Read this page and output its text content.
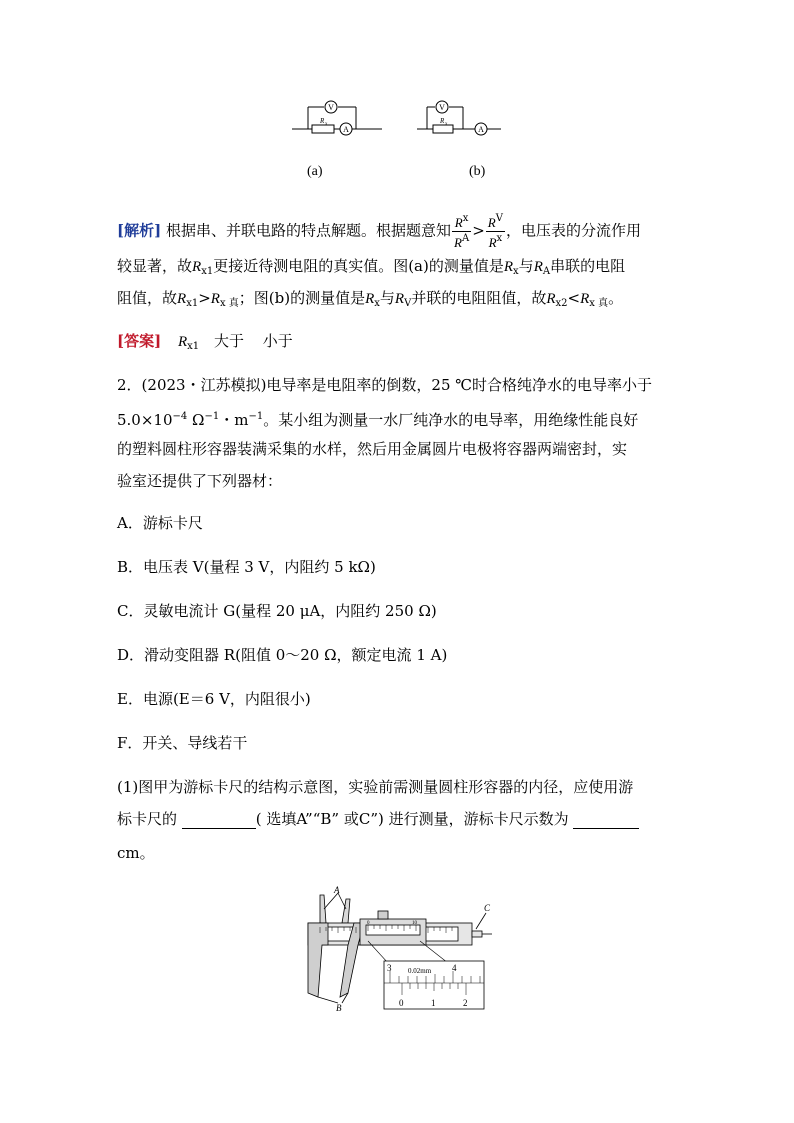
V
A
R x
V
A
R x
(a)	(b)
[解析] 根据串、并联电路的特点解题。根据题意知 $\frac{R^x}{R^A} > \frac{R^V}{R^x}$ ，电压表的分流作用
较显著，故$R_{x1}$更接近待测电阻的真实值。图(a)的测量值是$R_x$与$R_A$串联的电阻
阻值，故$R_{x1}>R_{x 真}$；图(b)的测量值是$R_x$与$R_V$并联的电阻阻值，故$R_{x2}<R_{x 真}$。
[答案] $R_{x1}$ 大于 小于
2．(2023・江苏模拟)电导率是电阻率的倒数，25 ℃时合格纯净水的电导率小于
$5.0\times 10^{-4}$ $\Omega^{-1}$・$m^{-1}$。某小组为测量一水厂纯净水的电导率，用绝缘性能良好
的塑料圆柱形容器装满采集的水样，然后用金属圆片电极将容器两端密封，实
验室还提供了下列器材：
A．游标卡尺
B．电压表 V(量程 3 V，内阻约 5 kΩ)
C．灵敏电流计 G(量程 20 μA，内阻约 250 Ω)
D．滑动变阻器 R(阻值 0～20 Ω，额定电流 1 A)
E．电源(E＝6 V，内阻很小)
F．开关、导线若干
(1)图甲为游标卡尺的结构示意图，实验前需测量圆柱形容器的内径，应使用游
标卡尺的	( 选填A”“B” 或C”) 进行测量，游标卡尺示数为
cm。
0	10
A
B
C
3	4
0.02mm
0	1	2
